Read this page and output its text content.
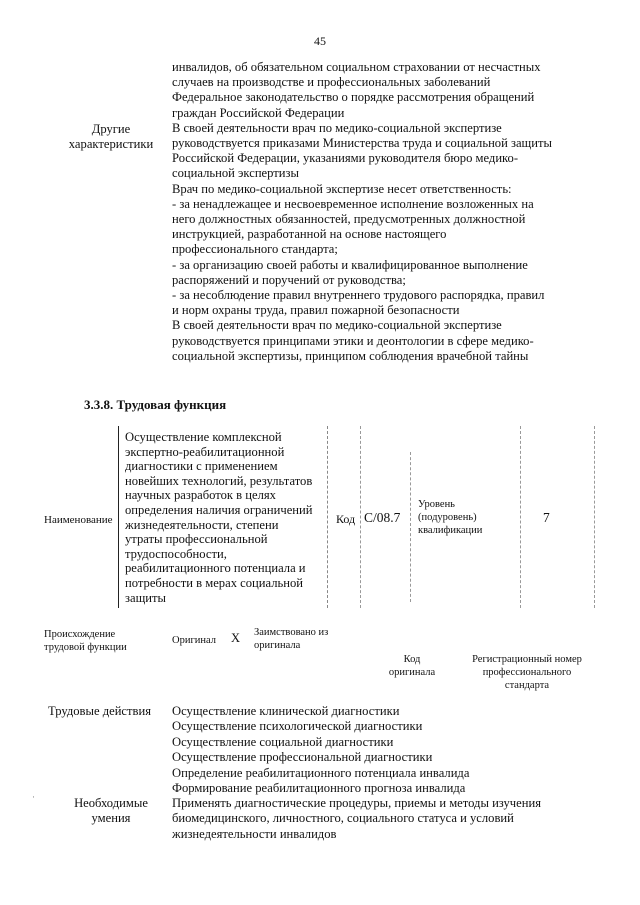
45
инвалидов, об обязательном социальном страховании от несчастных
случаев на производстве и профессиональных заболеваний
Федеральное законодательство о порядке рассмотрения обращений
граждан Российской Федерации
В своей деятельности врач по медико-социальной экспертизе
руководствуется приказами Министерства труда и социальной защиты
Российской Федерации, указаниями руководителя бюро медико-
социальной экспертизы
Врач по медико-социальной экспертизе несет ответственность:
- за ненадлежащее и несвоевременное исполнение возложенных на
него должностных обязанностей, предусмотренных должностной
инструкцией, разработанной на основе настоящего
профессионального стандарта;
- за организацию своей работы и квалифицированное выполнение
распоряжений и поручений от руководства;
- за несоблюдение правил внутреннего трудового распорядка, правил
и норм охраны труда, правил пожарной безопасности
В своей деятельности врач по медико-социальной экспертизе
руководствуется принципами этики и деонтологии в сфере медико-
социальной экспертизы, принципом соблюдения врачебной тайны
Другие
характеристики
3.3.8. Трудовая функция
Наименование
Осуществление комплексной
экспертно-реабилитационной
диагностики с применением
новейших технологий, результатов
научных разработок в целях
определения наличия ограничений
жизнедеятельности, степени
утраты профессиональной
трудоспособности,
реабилитационного потенциала и
потребности в мерах социальной
защиты
Код C/08.7
Уровень
(подуровень)
квалификации
7
Происхождение
трудовой функции
Оригинал X Заимствовано из
оригинала
Код
оригинала
Регистрационный номер
профессионального
стандарта
Трудовые действия Осуществление клинической диагностики
Осуществление психологической диагностики
Осуществление социальной диагностики
Осуществление профессиональной диагностики
Определение реабилитационного потенциала инвалида
Формирование реабилитационного прогноза инвалида
·	Необходимые
умения
Применять диагностические процедуры, приемы и методы изучения
биомедицинского, личностного, социального статуса и условий
жизнедеятельности инвалидов
